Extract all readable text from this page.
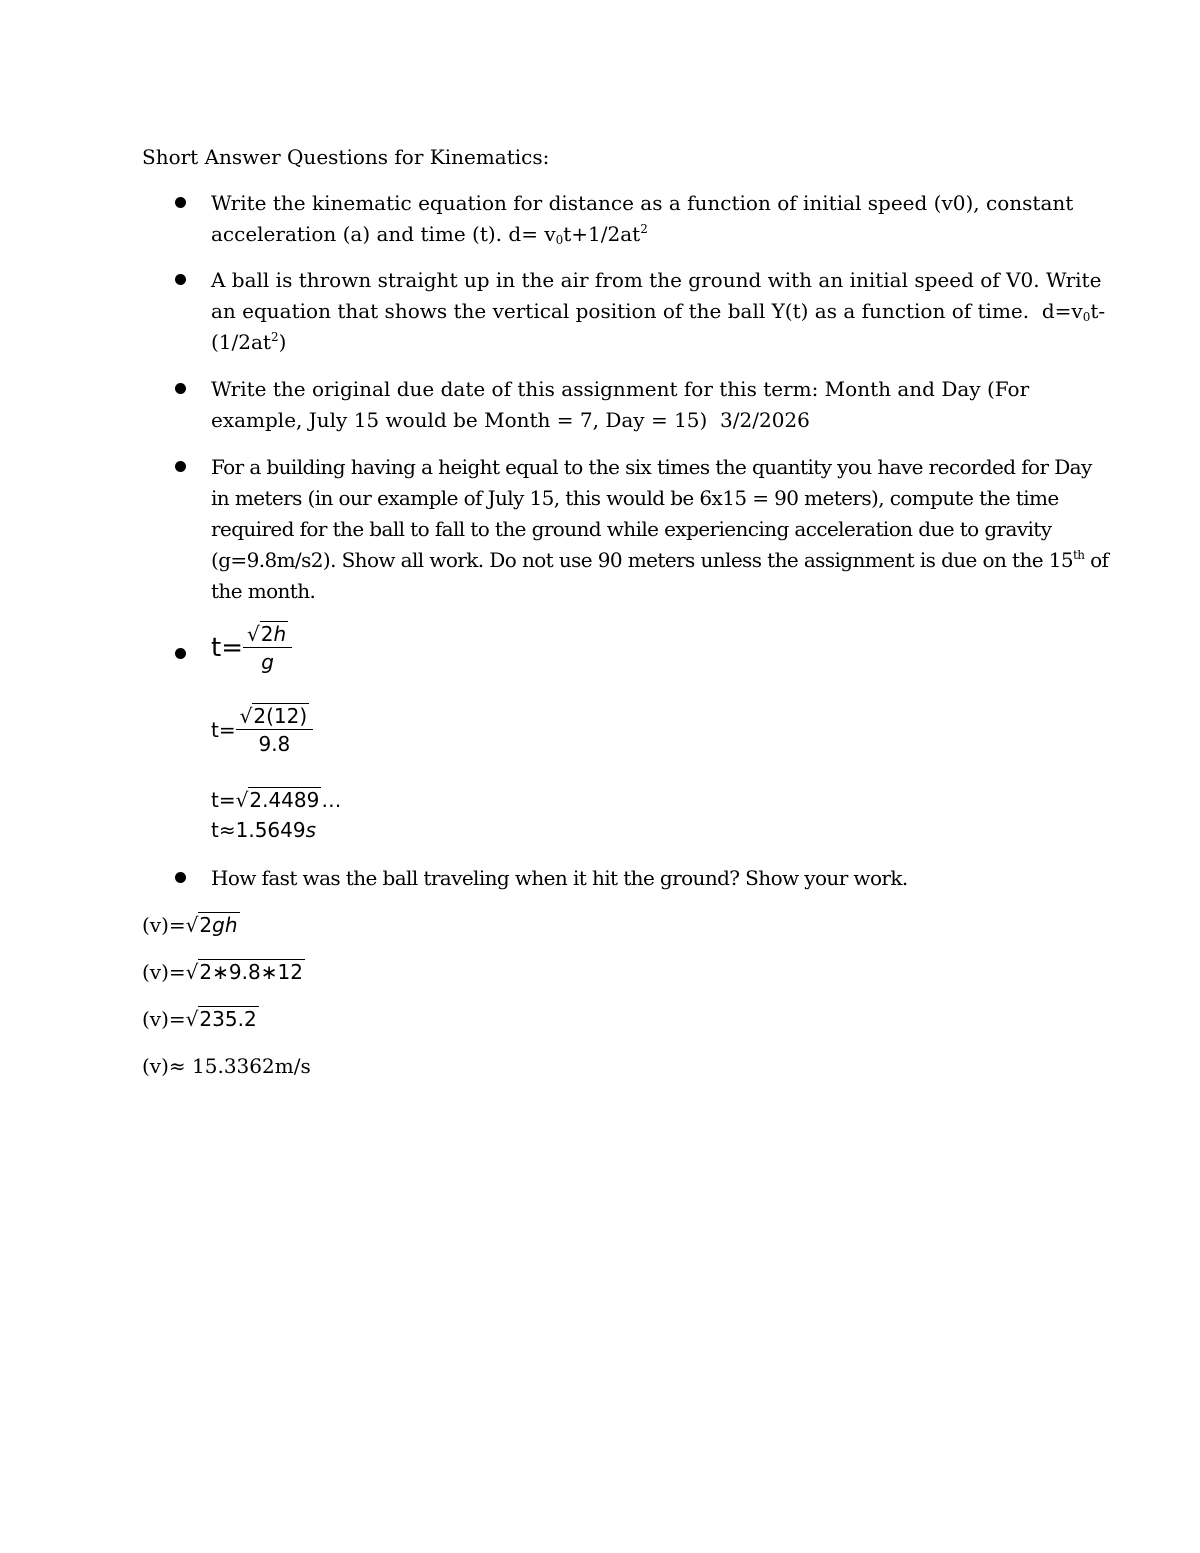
Short Answer Questions for Kinematics:
Write the kinematic equation for distance as a function of initial speed (v0), constant acceleration (a) and time (t). $d= v_0t+1/2at^2$
A ball is thrown straight up in the air from the ground with an initial speed of V0. Write an equation that shows the vertical position of the ball Y(t) as a function of time. $d=v_0t-(1/2at^2)$
Write the original due date of this assignment for this term: Month and Day (For example, July 15 would be Month = 7, Day = 15) 3/2/2026
For a building having a height equal to the six times the quantity you have recorded for Day in meters (in our example of July 15, this would be 6x15 = 90 meters), compute the time required for the ball to fall to the ground while experiencing acceleration due to gravity (g=9.8m/s2). Show all work. Do not use 90 meters unless the assignment is due on the 15th of the month.
$t= \frac{√2h}{g}$
$t= \frac{√2(12)}{9.8}$
t=√2.4489 …
t≈1.5649s
How fast was the ball traveling when it hit the ground? Show your work.
(v)=√2gh
(v)=√2∗9.8∗12
(v)=√235.2
(v)≈ 15.3362m/s
